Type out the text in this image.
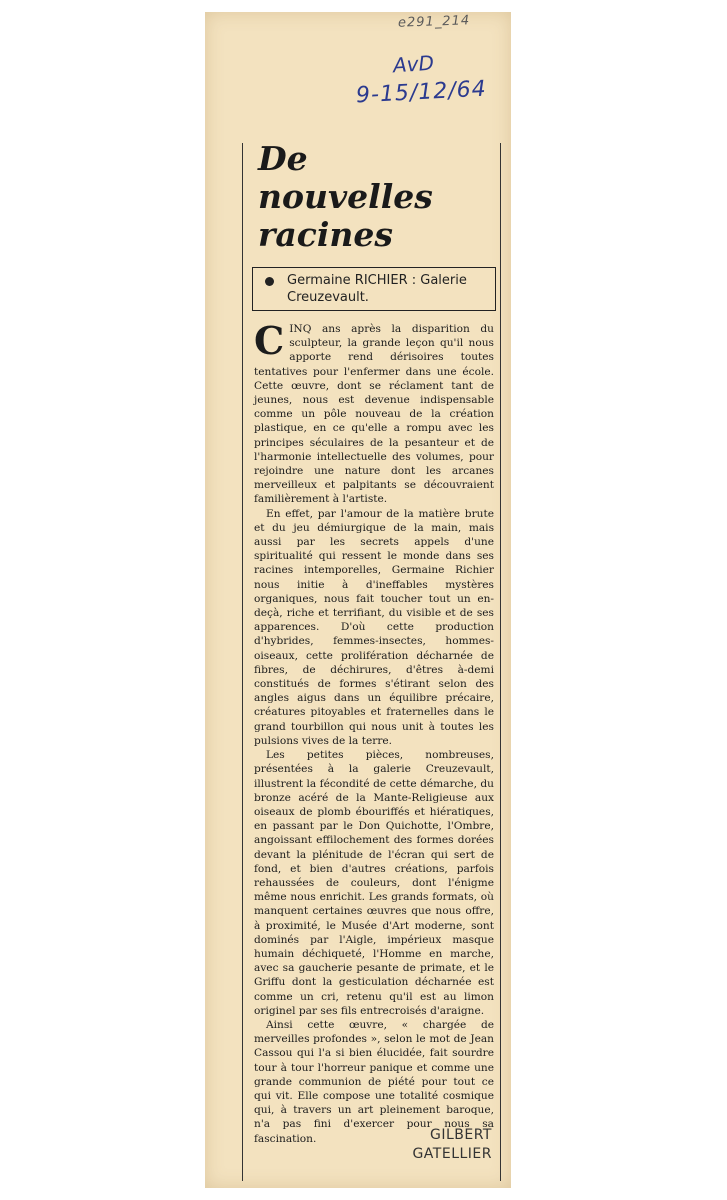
e291_214
AvD
9-15/12/64
De
nouvelles
racines
Germaine RICHIER : Galerie Creuzevault.

CINQ ans après la disparition du sculpteur, la grande leçon qu'il nous apporte rend dérisoires toutes tentatives pour l'enfermer dans une école. Cette œuvre, dont se réclament tant de jeunes, nous est devenue indispensable comme un pôle nouveau de la création plastique, en ce qu'elle a rompu avec les principes séculaires de la pesanteur et de l'harmonie intellectuelle des volumes, pour rejoindre une nature dont les arcanes merveilleux et palpitants se découvraient familièrement à l'artiste.

En effet, par l'amour de la matière brute et du jeu démiurgique de la main, mais aussi par les secrets appels d'une spiritualité qui ressent le monde dans ses racines intemporelles, Germaine Richier nous initie à d'ineffables mystères organiques, nous fait toucher tout un en-deçà, riche et terrifiant, du visible et de ses apparences. D'où cette production d'hybrides, femmes-insectes, hommes-oiseaux, cette prolifération décharnée de fibres, de déchirures, d'êtres à-demi constitués de formes s'étirant selon des angles aigus dans un équilibre précaire, créatures pitoyables et fraternelles dans le grand tourbillon qui nous unit à toutes les pulsions vives de la terre.

Les petites pièces, nombreuses, présentées à la galerie Creuzevault, illustrent la fécondité de cette démarche, du bronze acéré de la Mante-Religieuse aux oiseaux de plomb ébouriffés et hiératiques, en passant par le Don Quichotte, l'Ombre, angoissant effilochement des formes dorées devant la plénitude de l'écran qui sert de fond, et bien d'autres créations, parfois rehaussées de couleurs, dont l'énigme même nous enrichit. Les grands formats, où manquent certaines œuvres que nous offre, à proximité, le Musée d'Art moderne, sont dominés par l'Aigle, impérieux masque humain déchiqueté, l'Homme en marche, avec sa gaucherie pesante de primate, et le Griffu dont la gesticulation décharnée est comme un cri, retenu qu'il est au limon originel par ses fils entrecroisés d'araigne.

Ainsi cette œuvre, « chargée de merveilles profondes », selon le mot de Jean Cassou qui l'a si bien élucidée, fait sourdre tour à tour l'horreur panique et comme une grande communion de piété pour tout ce qui vit. Elle compose une totalité cosmique qui, à travers un art pleinement baroque, n'a pas fini d'exercer pour nous sa fascination.	GILBERT
GATELLIER
